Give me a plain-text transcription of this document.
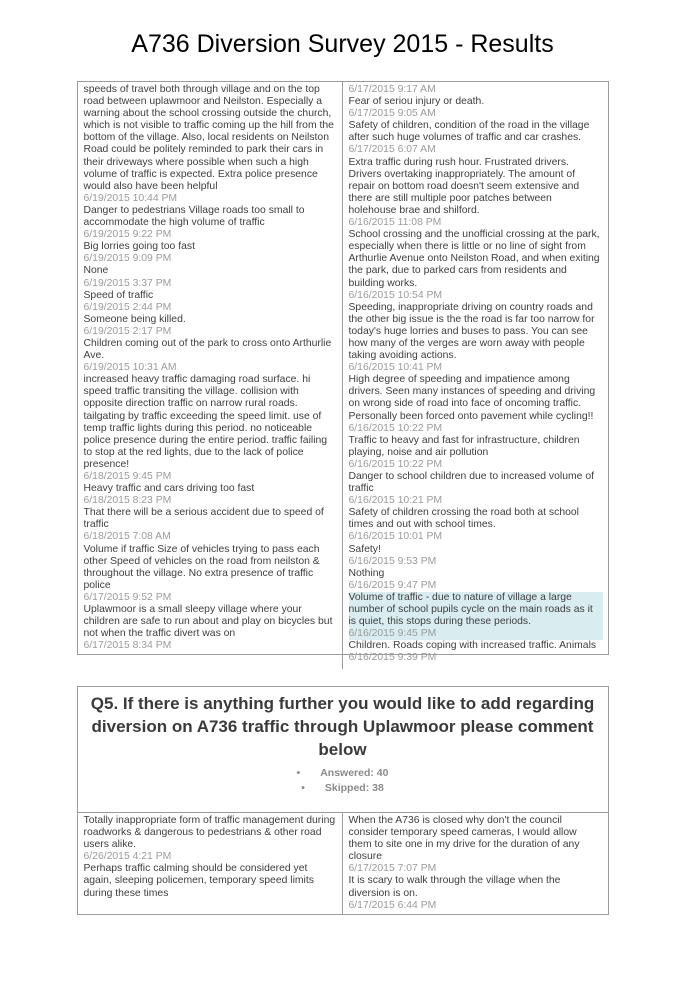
A736 Diversion Survey 2015 - Results
speeds of travel both through village and on the top road between uplawmoor and Neilston. Especially a warning about the school crossing outside the church, which is not visible to traffic coming up the hill from the bottom of the village. Also, local residents on Neilston Road could be politely reminded to park their cars in their driveways where possible when such a high volume of traffic is expected. Extra police presence would also have been helpful
6/19/2015 10:44 PM
Danger to pedestrians Village roads too small to accommodate the high volume of traffic
6/19/2015 9:22 PM
Big lorries going too fast
6/19/2015 9:09 PM
None
6/19/2015 3:37 PM
Speed of traffic
6/19/2015 2:44 PM
Someone being killed.
6/19/2015 2:17 PM
Children coming out of the park to cross onto Arthurlie Ave.
6/19/2015 10:31 AM
increased heavy traffic damaging road surface. hi speed traffic transiting the village. collision with opposite direction traffic on narrow rural roads. tailgating by traffic exceeding the speed limit. use of temp traffic lights during this period. no noticeable police presence during the entire period. traffic failing to stop at the red lights, due to the lack of police presence!
6/18/2015 9:45 PM
Heavy traffic and cars driving too fast
6/18/2015 8:23 PM
That there will be a serious accident due to speed of traffic
6/18/2015 7:08 AM
Volume if traffic Size of vehicles trying to pass each other Speed of vehicles on the road from neilston & throughout the village. No extra presence of traffic police
6/17/2015 9:52 PM
Uplawmoor is a small sleepy village where your children are safe to run about and play on bicycles but not when the traffic divert was on
6/17/2015 8:34 PM
6/17/2015 9:17 AM
Fear of seriou injury or death.
6/17/2015 9:05 AM
Safety of children, condition of the road in the village after such huge volumes of traffic and car crashes.
6/17/2015 6:07 AM
Extra traffic during rush hour. Frustrated drivers. Drivers overtaking inappropriately. The amount of repair on bottom road doesn't seem extensive and there are still multiple poor patches between holehouse brae and shilford.
6/16/2015 11:08 PM
School crossing and the unofficial crossing at the park, especially when there is little or no line of sight from Arthurlie Avenue onto Neilston Road, and when exiting the park, due to parked cars from residents and building works.
6/16/2015 10:54 PM
Speeding, inappropriate driving on country roads and the other big issue is the the road is far too narrow for today's huge lorries and buses to pass. You can see how many of the verges are worn away with people taking avoiding actions.
6/16/2015 10:41 PM
High degree of speeding and impatience among drivers. Seen many instances of speeding and driving on wrong side of road into face of oncoming traffic. Personally been forced onto pavement while cycling!!
6/16/2015 10:22 PM
Traffic to heavy and fast for infrastructure, children playing, noise and air pollution
6/16/2015 10:22 PM
Danger to school children due to increased volume of traffic
6/16/2015 10:21 PM
Safety of children crossing the road both at school times and out with school times.
6/16/2015 10:01 PM
Safety!
6/16/2015 9:53 PM
Nothing
6/16/2015 9:47 PM
Volume of traffic - due to nature of village a large number of school pupils cycle on the main roads as it is quiet, this stops during these periods.
6/16/2015 9:45 PM
Children. Roads coping with increased traffic. Animals
6/16/2015 9:39 PM
Q5. If there is anything further you would like to add regarding diversion on A736 traffic through Uplawmoor please comment below
• Answered: 40
• Skipped: 38
Totally inappropriate form of traffic management during roadworks & dangerous to pedestrians & other road users alike.
6/26/2015 4:21 PM
Perhaps traffic calming should be considered yet again, sleeping policemen, temporary speed limits during these times
When the A736 is closed why don't the council consider temporary speed cameras, I would allow them to site one in my drive for the duration of any closure
6/17/2015 7:07 PM
It is scary to walk through the village when the diversion is on.
6/17/2015 6:44 PM
